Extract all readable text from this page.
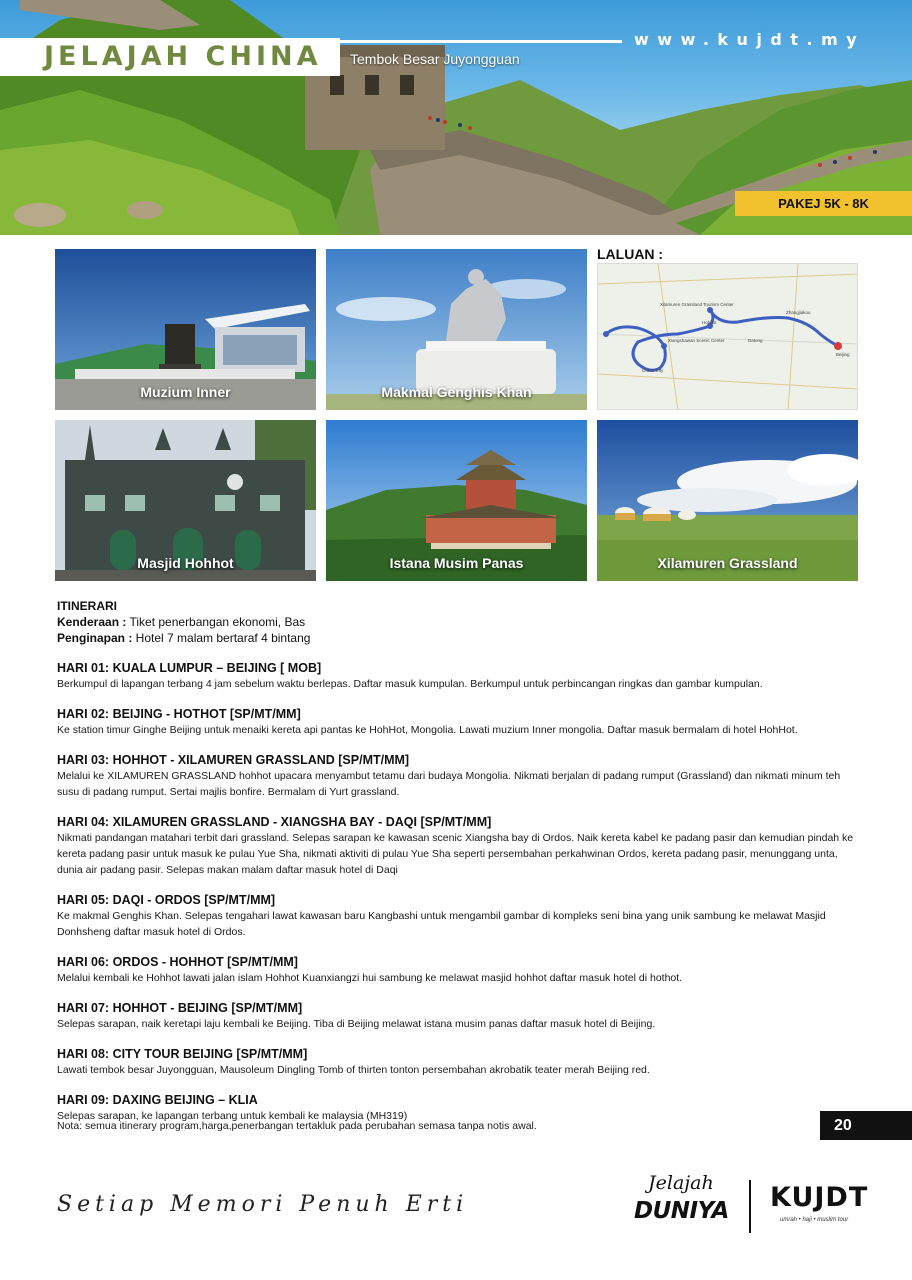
JELAJAH CHINA
www.kujdt.my
Tembok Besar Juyongguan
PAKEJ 5K - 8K
Muzium Inner	Makmal Genghis Khan
LALUAN :
Xilamuren Grassland Tourism Center
Hohhot
Datong
Zhangjiakou
Beijing
Xiangshawan Scenic Center
Ordos City
Masjid Hohhot	Istana Musim Panas	Xilamuren Grassland
ITINERARI
Kenderaan : Tiket penerbangan ekonomi, Bas
Penginapan : Hotel 7 malam bertaraf 4 bintang
HARI 01: KUALA LUMPUR – BEIJING [ MOB]
Berkumpul di lapangan terbang 4 jam sebelum waktu berlepas. Daftar masuk kumpulan. Berkumpul untuk perbincangan ringkas dan gambar kumpulan.
HARI 02: BEIJING - HOTHOT [SP/MT/MM]
Ke station timur Ginghe Beijing untuk menaiki kereta api pantas ke HohHot, Mongolia. Lawati muzium Inner mongolia. Daftar masuk bermalam di hotel HohHot.
HARI 03: HOHHOT - XILAMUREN GRASSLAND [SP/MT/MM]
Melalui ke XILAMUREN GRASSLAND hohhot upacara menyambut tetamu dari budaya Mongolia. Nikmati berjalan di padang rumput (Grassland) dan nikmati minum teh susu di padang rumput. Sertai majlis bonfire. Bermalam di Yurt grassland.
HARI 04: XILAMUREN GRASSLAND - XIANGSHA BAY - DAQI [SP/MT/MM]
Nikmati pandangan matahari terbit dari grassland. Selepas sarapan ke kawasan scenic Xiangsha bay di Ordos. Naik kereta kabel ke padang pasir dan kemudian pindah ke kereta padang pasir untuk masuk ke pulau Yue Sha, nikmati aktiviti di pulau Yue Sha seperti persembahan perkahwinan Ordos, kereta padang pasir, menunggang unta, dunia air padang pasir. Selepas makan malam daftar masuk hotel di Daqi
HARI 05: DAQI - ORDOS [SP/MT/MM]
Ke makmal Genghis Khan. Selepas tengahari lawat kawasan baru Kangbashi untuk mengambil gambar di kompleks seni bina yang unik sambung ke melawat Masjid Donhsheng daftar masuk hotel di Ordos.
HARI 06: ORDOS - HOHHOT [SP/MT/MM]
Melalui kembali ke Hohhot lawati jalan islam Hohhot Kuanxiangzi hui sambung ke melawat masjid hohhot daftar masuk hotel di hothot.
HARI 07: HOHHOT - BEIJING [SP/MT/MM]
Selepas sarapan, naik keretapi laju kembali ke Beijing. Tiba di Beijing melawat istana musim panas daftar masuk hotel di Beijing.
HARI 08: CITY TOUR BEIJING [SP/MT/MM]
Lawati tembok besar Juyongguan, Mausoleum Dingling Tomb of thirten tonton persembahan akrobatik teater merah Beijing red.
HARI 09: DAXING BEIJING – KLIA
Selepas sarapan, ke lapangan terbang untuk kembali ke malaysia (MH319)
Nota: semua itinerary program,harga,penerbangan tertakluk pada perubahan semasa tanpa notis awal.	20
Setiap Memori Penuh Erti
Jelajah
DUNIYA KUJDT
umrah • haji • muslim tour
